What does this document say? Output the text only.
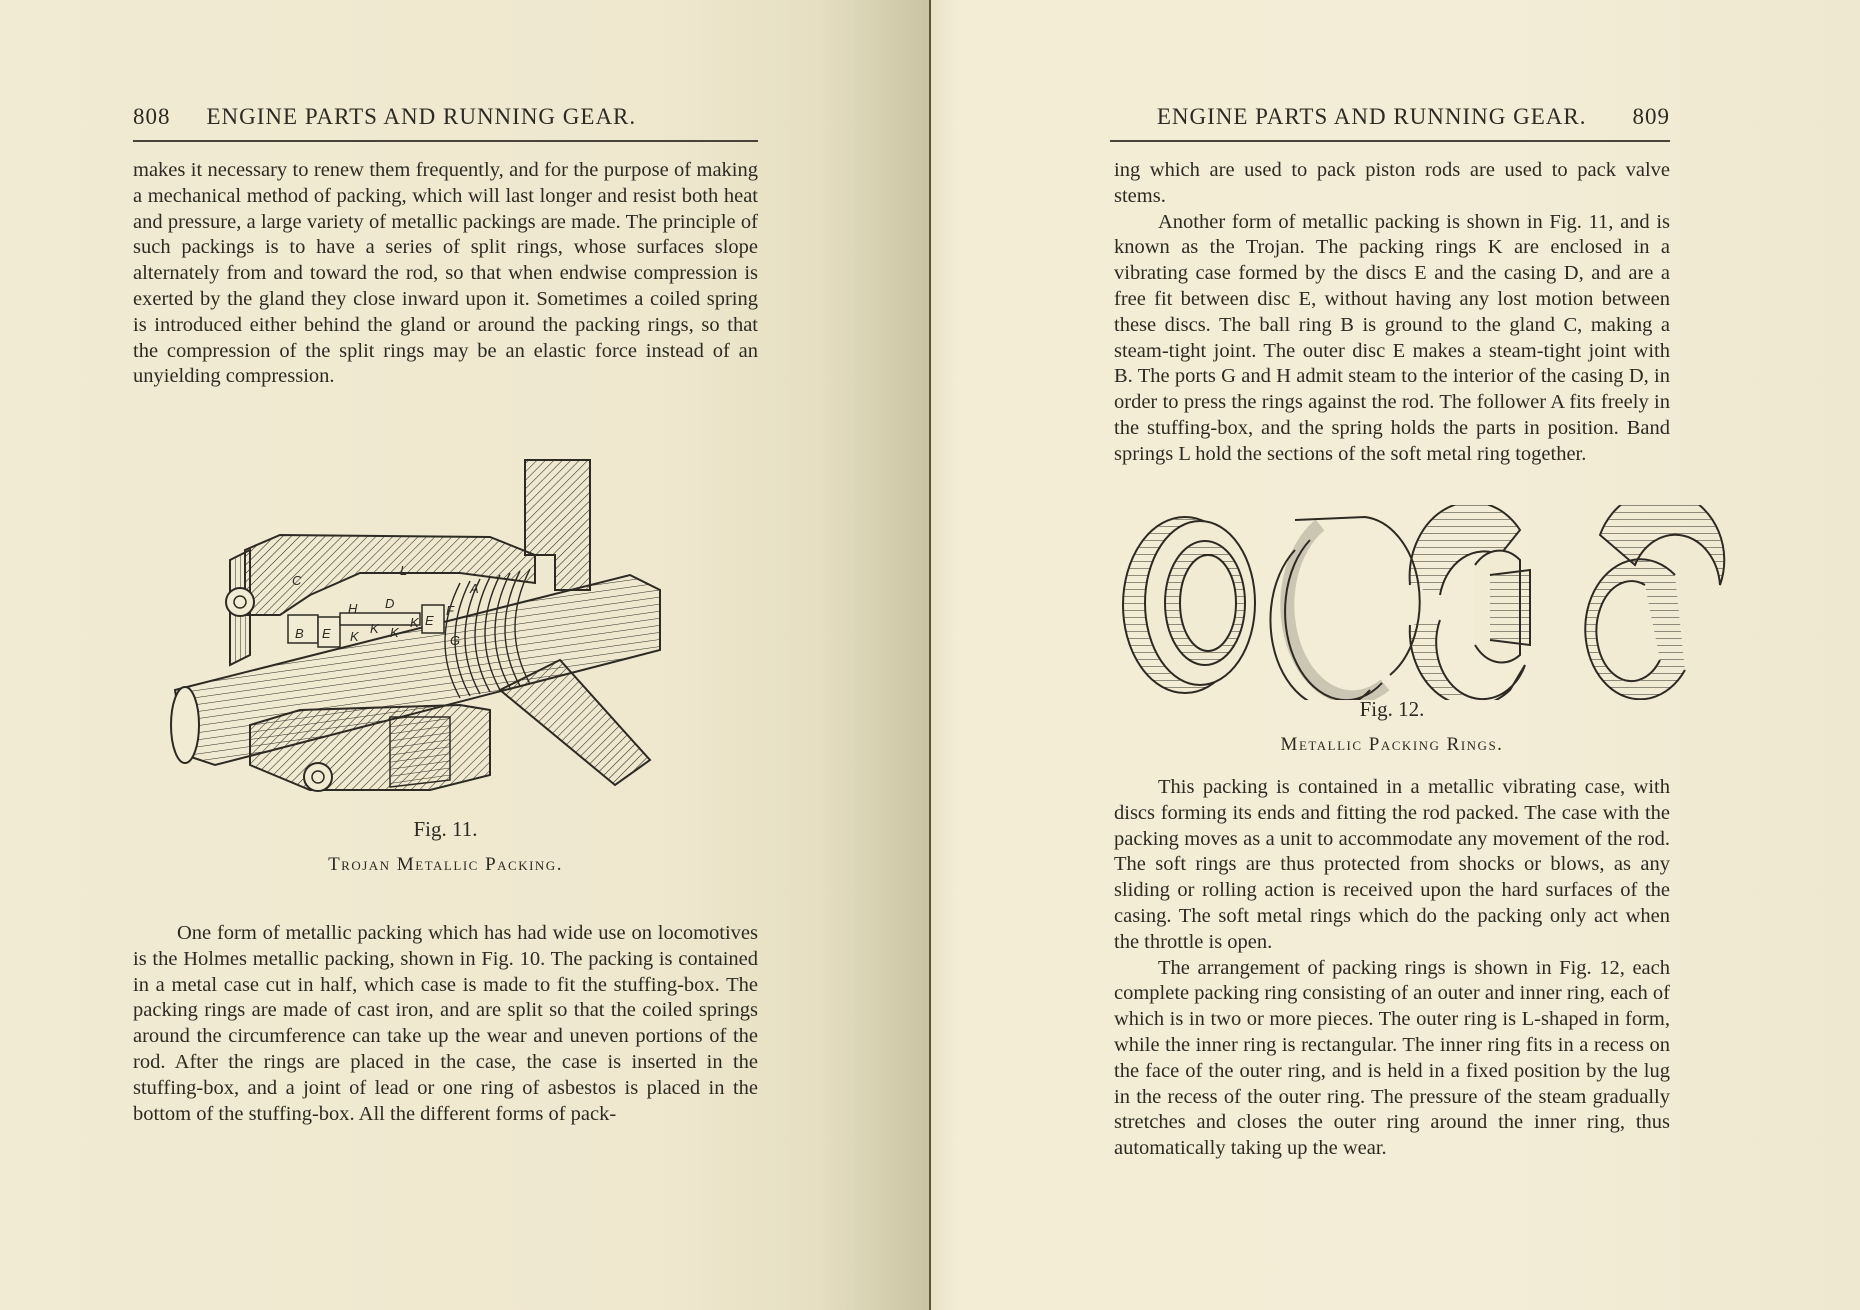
808 ENGINE PARTS AND RUNNING GEAR.

makes it necessary to renew them frequently, and for the purpose of making a mechanical method of packing, which will last longer and resist both heat and pressure, a large variety of metallic packings are made. The principle of such packings is to have a series of split rings, whose surfaces slope alternately from and toward the rod, so that when endwise compression is exerted by the gland they close inward upon it. Sometimes a coiled spring is introduced either behind the gland or around the packing rings, so that the compression of the split rings may be an elastic force instead of an unyielding compression.

C
H D
L
A
B E K
K K
K E
F
G
Fig. 11.
Trojan Metallic Packing.

One form of metallic packing which has had wide use on locomotives is the Holmes metallic packing, shown in Fig. 10. The packing is contained in a metal case cut in half, which case is made to fit the stuffing-box. The packing rings are made of cast iron, and are split so that the coiled springs around the circumference can take up the wear and uneven portions of the rod. After the rings are placed in the case, the case is inserted in the stuffing-box, and a joint of lead or one ring of asbestos is placed in the bottom of the stuffing-box. All the different forms of pack-

ENGINE PARTS AND RUNNING GEAR. 809

ing which are used to pack piston rods are used to pack valve stems.

Another form of metallic packing is shown in Fig. 11, and is known as the Trojan. The packing rings K are enclosed in a vibrating case formed by the discs E and the casing D, and are a free fit between disc E, without having any lost motion between these discs. The ball ring B is ground to the gland C, making a steam-tight joint. The outer disc E makes a steam-tight joint with B. The ports G and H admit steam to the interior of the casing D, in order to press the rings against the rod. The follower A fits freely in the stuffing-box, and the spring holds the parts in position. Band springs L hold the sections of the soft metal ring together.

Fig. 12.
Metallic Packing Rings.

This packing is contained in a metallic vibrating case, with discs forming its ends and fitting the rod packed. The case with the packing moves as a unit to accommodate any movement of the rod. The soft rings are thus protected from shocks or blows, as any sliding or rolling action is received upon the hard surfaces of the casing. The soft metal rings which do the packing only act when the throttle is open.

The arrangement of packing rings is shown in Fig. 12, each complete packing ring consisting of an outer and inner ring, each of which is in two or more pieces. The outer ring is L-shaped in form, while the inner ring is rectangular. The inner ring fits in a recess on the face of the outer ring, and is held in a fixed position by the lug in the recess of the outer ring. The pressure of the steam gradually stretches and closes the outer ring around the inner ring, thus automatically taking up the wear.
